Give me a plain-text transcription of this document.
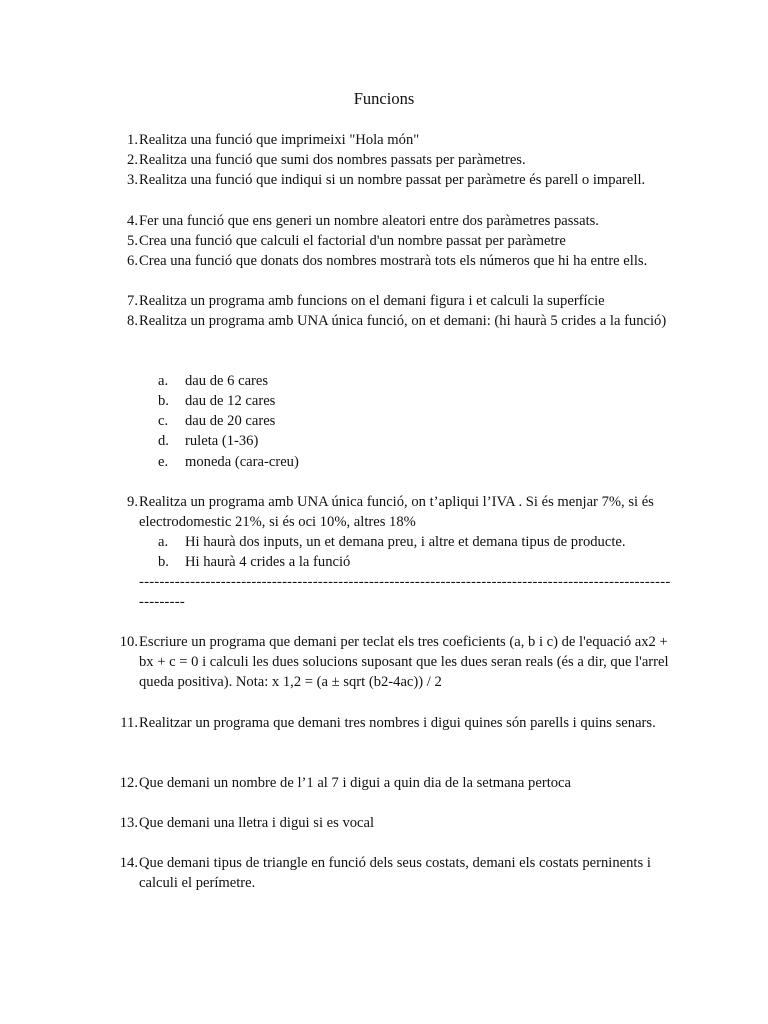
Funcions
1. Realitza una funció que imprimeixi "Hola món"
2. Realitza una funció que sumi dos nombres passats per paràmetres.
3. Realitza una funció que indiqui si un nombre passat per paràmetre és parell o imparell.
4. Fer una funció que ens generi un nombre aleatori entre dos paràmetres passats.
5. Crea una funció que calculi el factorial d'un nombre passat per paràmetre
6. Crea una funció que donats dos nombres mostrarà tots els números que hi ha entre ells.
7. Realitza un programa amb funcions on el demani figura i et calculi la superfície
8. Realitza un programa amb UNA única funció, on et demani: (hi haurà 5 crides a la funció)
a.	dau de 6 cares
b.	dau de 12 cares
c.	dau de 20 cares
d.	ruleta (1-36)
e.	moneda (cara-creu)
9. Realitza un programa amb UNA única funció, on t’apliqui l’IVA . Si és menjar 7%, si és electrodomestic 21%, si és oci 10%, altres 18%
a.	Hi haurà dos inputs, un et demana preu, i altre et demana tipus de producte.
b.	Hi haurà 4 crides a la funció
-----------------------------------------------------------------------------------------------------------------
10. Escriure un programa que demani per teclat els tres coeficients (a, b i c) de l'equació ax2 + bx + c = 0 i calculi les dues solucions suposant que les dues seran reals (és a dir, que l'arrel queda positiva). Nota: x 1,2 = (a ± sqrt (b2-4ac)) / 2
11. Realitzar un programa que demani tres nombres i digui quines són parells i quins senars.
12. Que demani un nombre de l’1 al 7 i digui a quin dia de la setmana pertoca
13. Que demani una lletra i digui si es vocal
14. Que demani tipus de triangle en funció dels seus costats, demani els costats perninents i calculi el perímetre.
